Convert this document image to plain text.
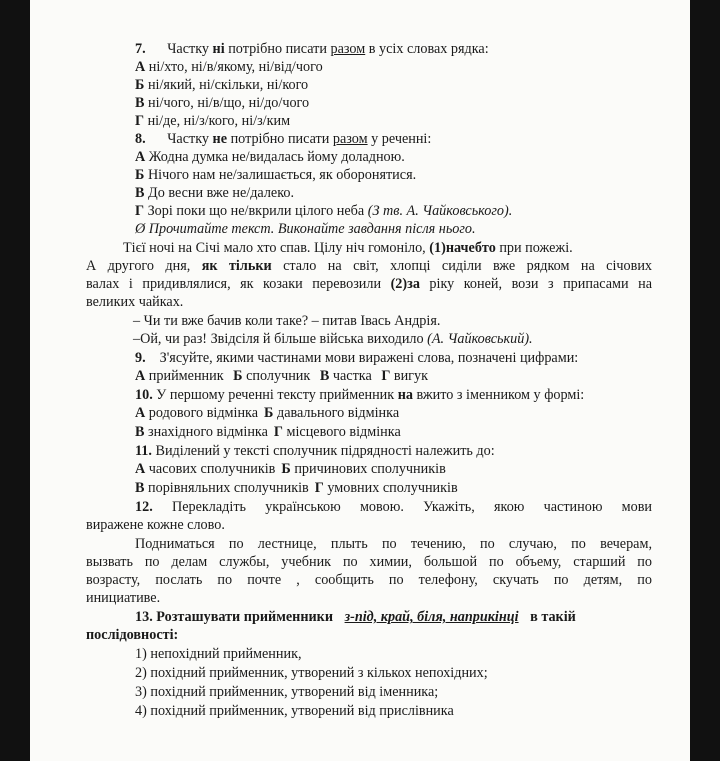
7. Частку ні потрібно писати разом в усіх словах рядка:
А ні/хто, ні/в/якому, ні/від/чого
Б ні/який, ні/скільки, ні/кого
В ні/чого, ні/в/що, ні/до/чого
Г ні/де, ні/з/кого, ні/з/ким
8. Частку не потрібно писати разом у реченні:
А Жодна думка не/видалась йому доладною.
Б Нічого нам не/залишається, як оборонятися.
В До весни вже не/далеко.
Г Зорі поки що не/вкрили цілого неба (З тв. А. Чайковського).
Ø Прочитайте текст. Виконайте завдання після нього.
Тієї ночі на Січі мало хто спав. Цілу ніч гомоніло, (1)начебто при пожежі.
А другого дня, як тільки стало на світ, хлопці сиділи вже рядком на січових
валах і придивлялися, як козаки перевозили (2)за ріку коней, вози з припасами на
великих чайках.
– Чи ти вже бачив коли таке? – питав Івась Андрія.
–Ой, чи раз! Звідсіля й більше війська виходило (А. Чайковський).
9. З'ясуйте, якими частинами мови виражені слова, позначені цифрами:
А прийменник Б сполучник В частка Г вигук
10. У першому реченні тексту прийменник на вжито з іменником у формі:
А родового відмінка Б давального відмінка
В знахідного відмінка Г місцевого відмінка
11. Виділений у тексті сполучник підрядності належить до:
А часових сполучників Б причинових сполучників
В порівняльних сполучників Г умовних сполучників
12. Перекладіть українською мовою. Укажіть, якою частиною мови
виражене кожне слово.
Подниматься по лестнице, плыть по течению, по случаю, по вечерам,
вызвать по делам службы, учебник по химии, большой по объему, старший по
возрасту, послать по почте , сообщить по телефону, скучать по детям, по
инициативе.
13. Розташувати прийменники з-під, край, біля, наприкінці в такій
послідовності:
1) непохідний прийменник,
2) похідний прийменник, утворений з кількох непохідних;
3) похідний прийменник, утворений від іменника;
4) похідний прийменник, утворений від прислівника
